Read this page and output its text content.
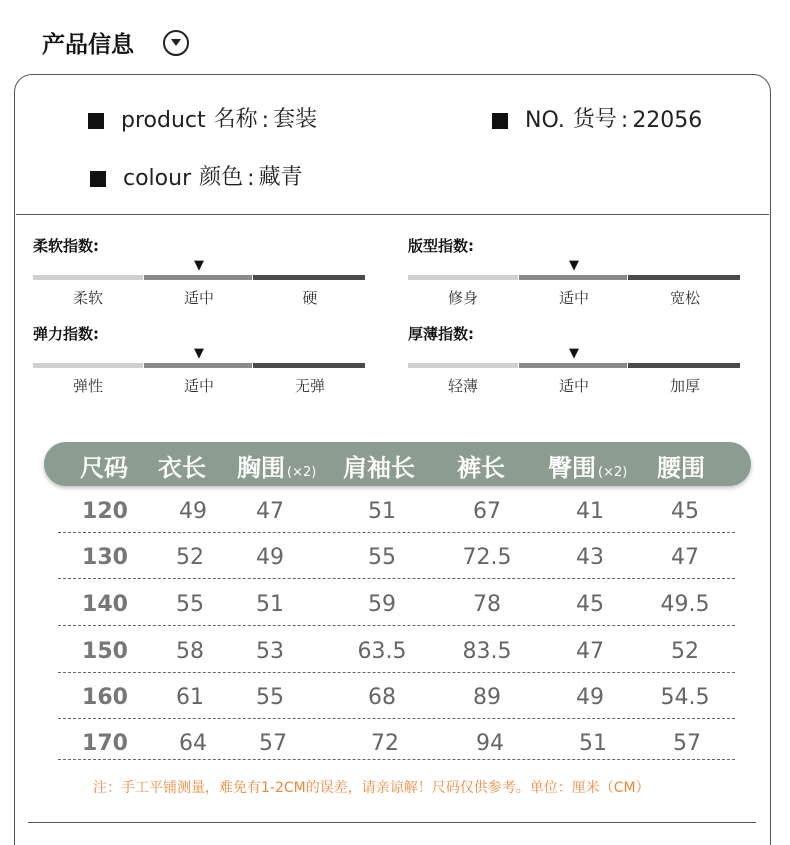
产品信息
product 名称 : 套装	NO. 货号 : 22056
colour 颜色 : 藏青
柔软指数:
▼
柔软	适中	硬
版型指数:
▼
修身	适中	宽松
弹力指数:
▼
弹性	适中	无弹
厚薄指数:
▼
轻薄	适中	加厚
尺码 衣长 胸围 (×2) 肩袖长 裤长 臀围 (×2) 腰围
120	49	47	51	67	41	45
130	52	49	55	72.5	43	47
140	55	51	59	78	45	49.5
150	58	53	63.5	83.5	47	52
160	61	55	68	89	49	54.5
170	64	57	72	94	51	57
注：手工平铺测量，难免有1-2CM的误差，请亲谅解！尺码仅供参考。单位：厘米（CM）
